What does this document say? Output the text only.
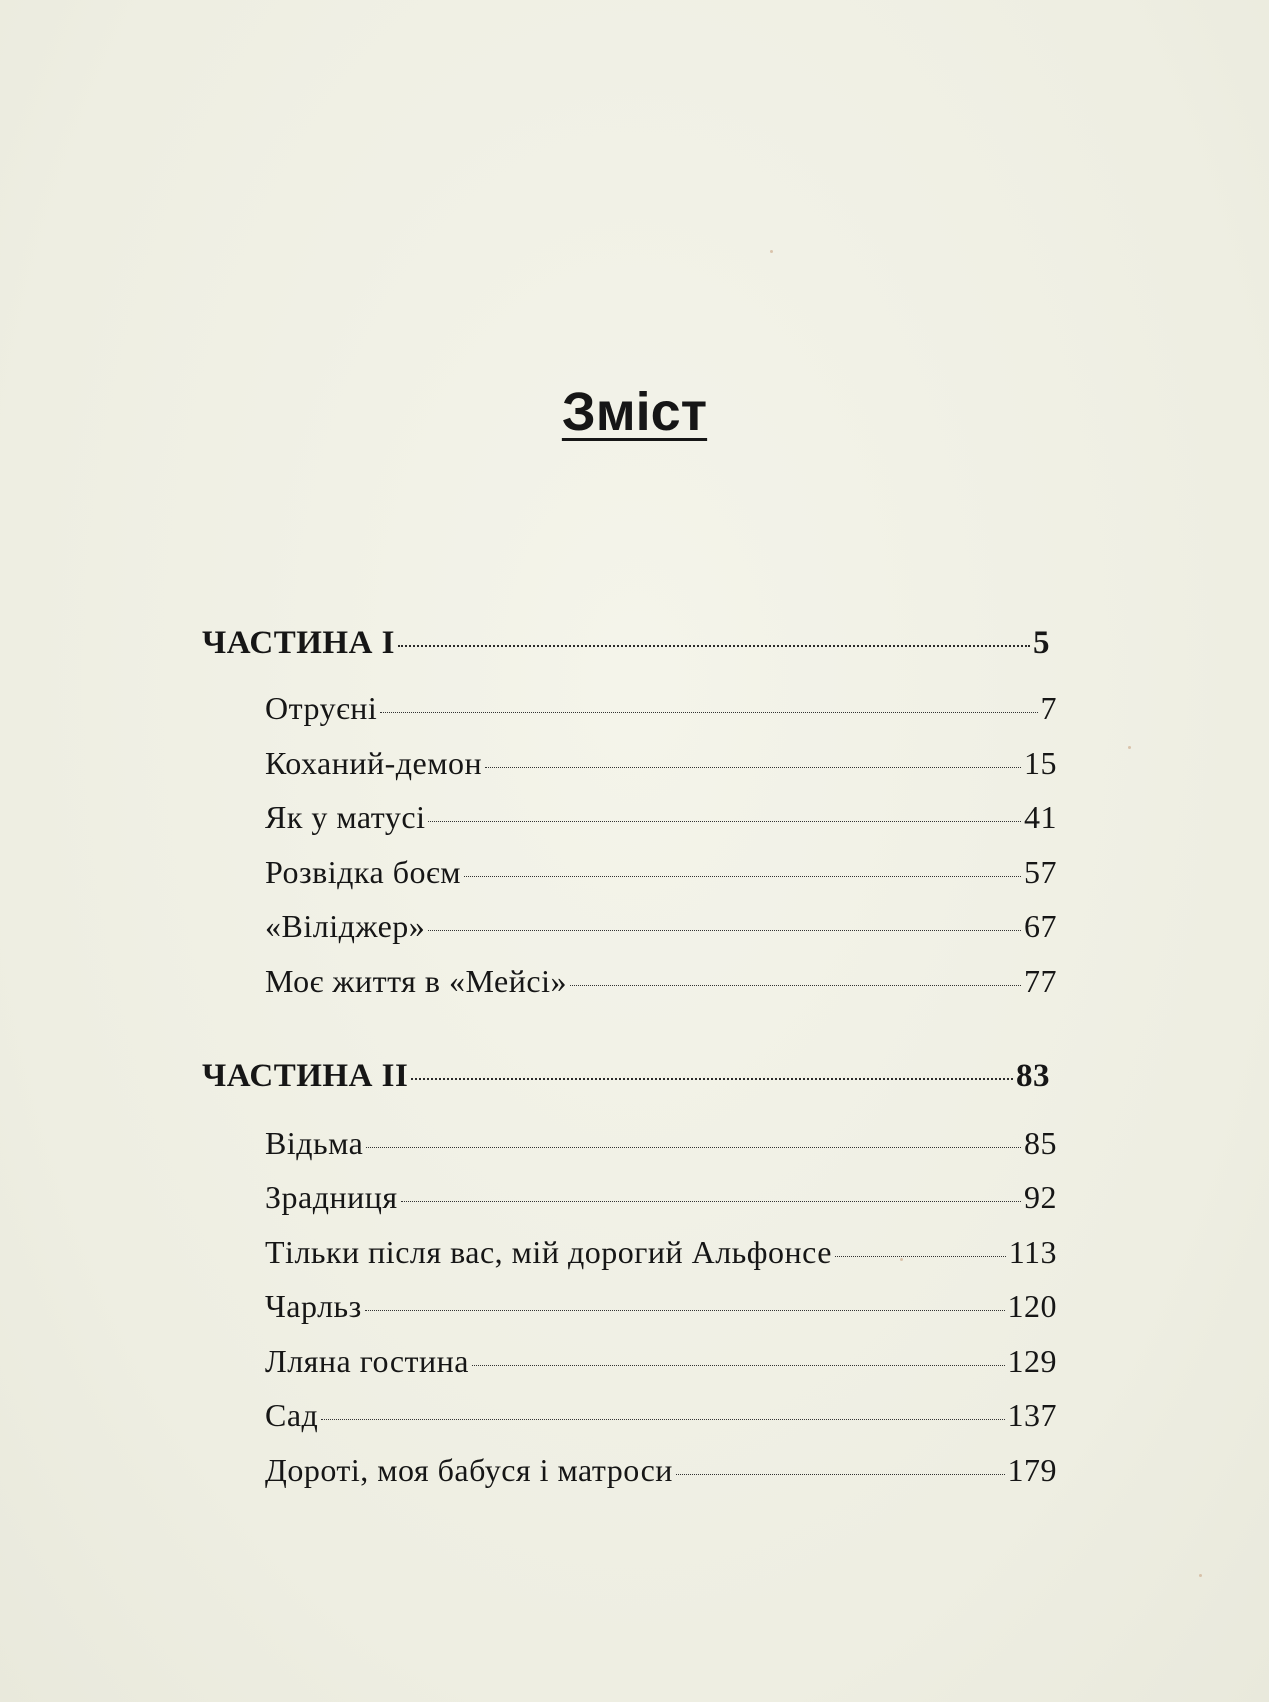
Зміст
ЧАСТИНА І	5
Отруєні	7
Коханий-демон	15
Як у матусі	41
Розвідка боєм	57
«Віліджер»	67
Моє життя в «Мейсі»	77
ЧАСТИНА ІІ	83
Відьма	85
Зрадниця	92
Тільки після вас, мій дорогий Альфонсе	113
Чарльз	120
Лляна гостина	129
Сад	137
Дороті, моя бабуся і матроси	179
